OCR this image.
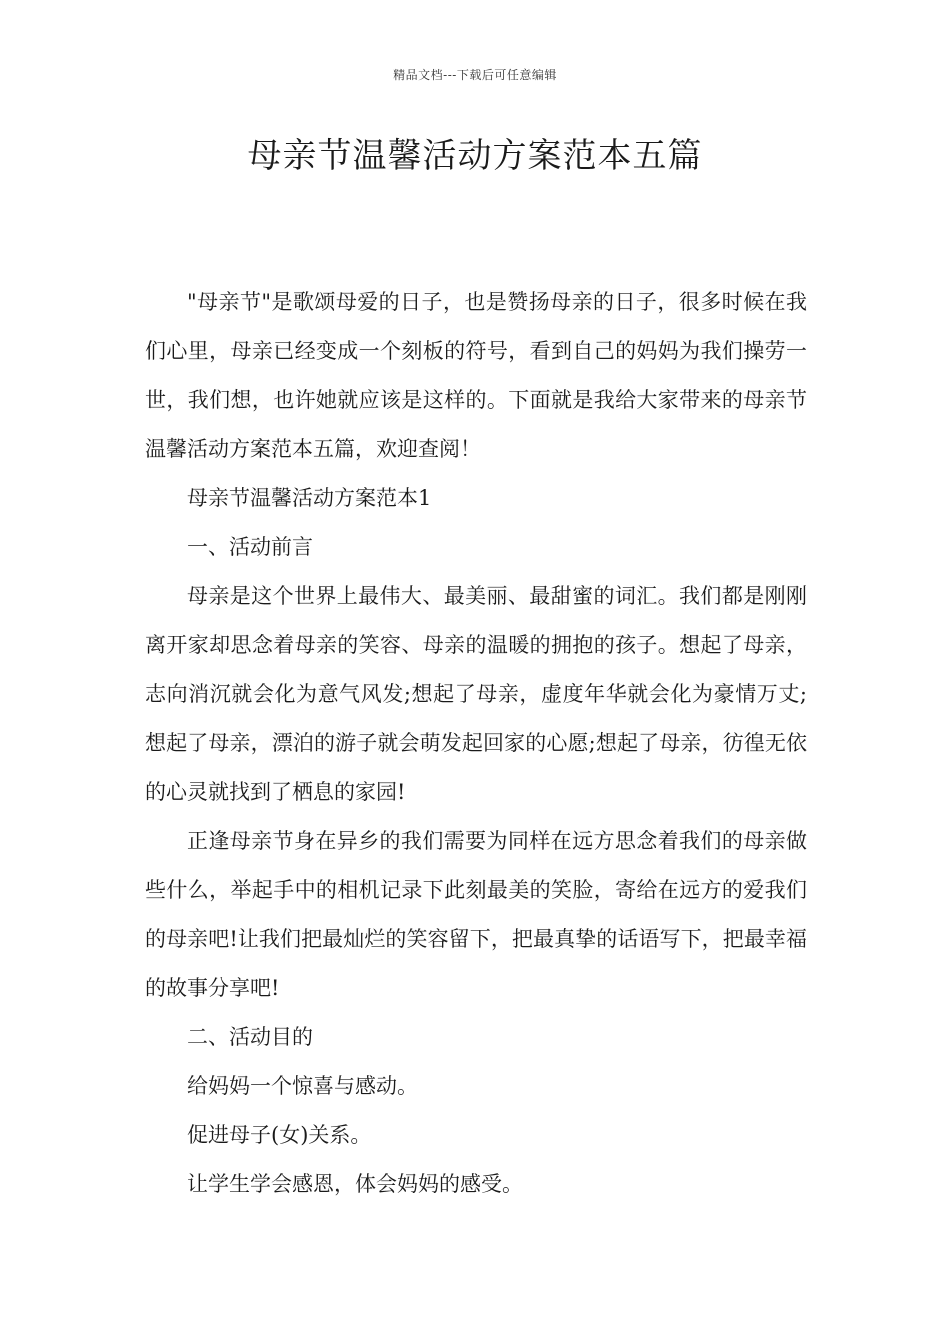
精品文档---下载后可任意编辑
母亲节温馨活动方案范本五篇

"母亲节"是歌颂母爱的日子，也是赞扬母亲的日子，很多时候在我们心里，母亲已经变成一个刻板的符号，看到自己的妈妈为我们操劳一世，我们想，也许她就应该是这样的。下面就是我给大家带来的母亲节温馨活动方案范本五篇，欢迎查阅！

母亲节温馨活动方案范本1

一、活动前言

母亲是这个世界上最伟大、最美丽、最甜蜜的词汇。我们都是刚刚离开家却思念着母亲的笑容、母亲的温暖的拥抱的孩子。想起了母亲，志向消沉就会化为意气风发;想起了母亲，虚度年华就会化为豪情万丈;想起了母亲，漂泊的游子就会萌发起回家的心愿;想起了母亲，彷徨无依的心灵就找到了栖息的家园!

正逢母亲节身在异乡的我们需要为同样在远方思念着我们的母亲做些什么，举起手中的相机记录下此刻最美的笑脸，寄给在远方的爱我们的母亲吧!让我们把最灿烂的笑容留下，把最真挚的话语写下，把最幸福的故事分享吧!

二、活动目的

给妈妈一个惊喜与感动。

促进母子(女)关系。

让学生学会感恩，体会妈妈的感受。
